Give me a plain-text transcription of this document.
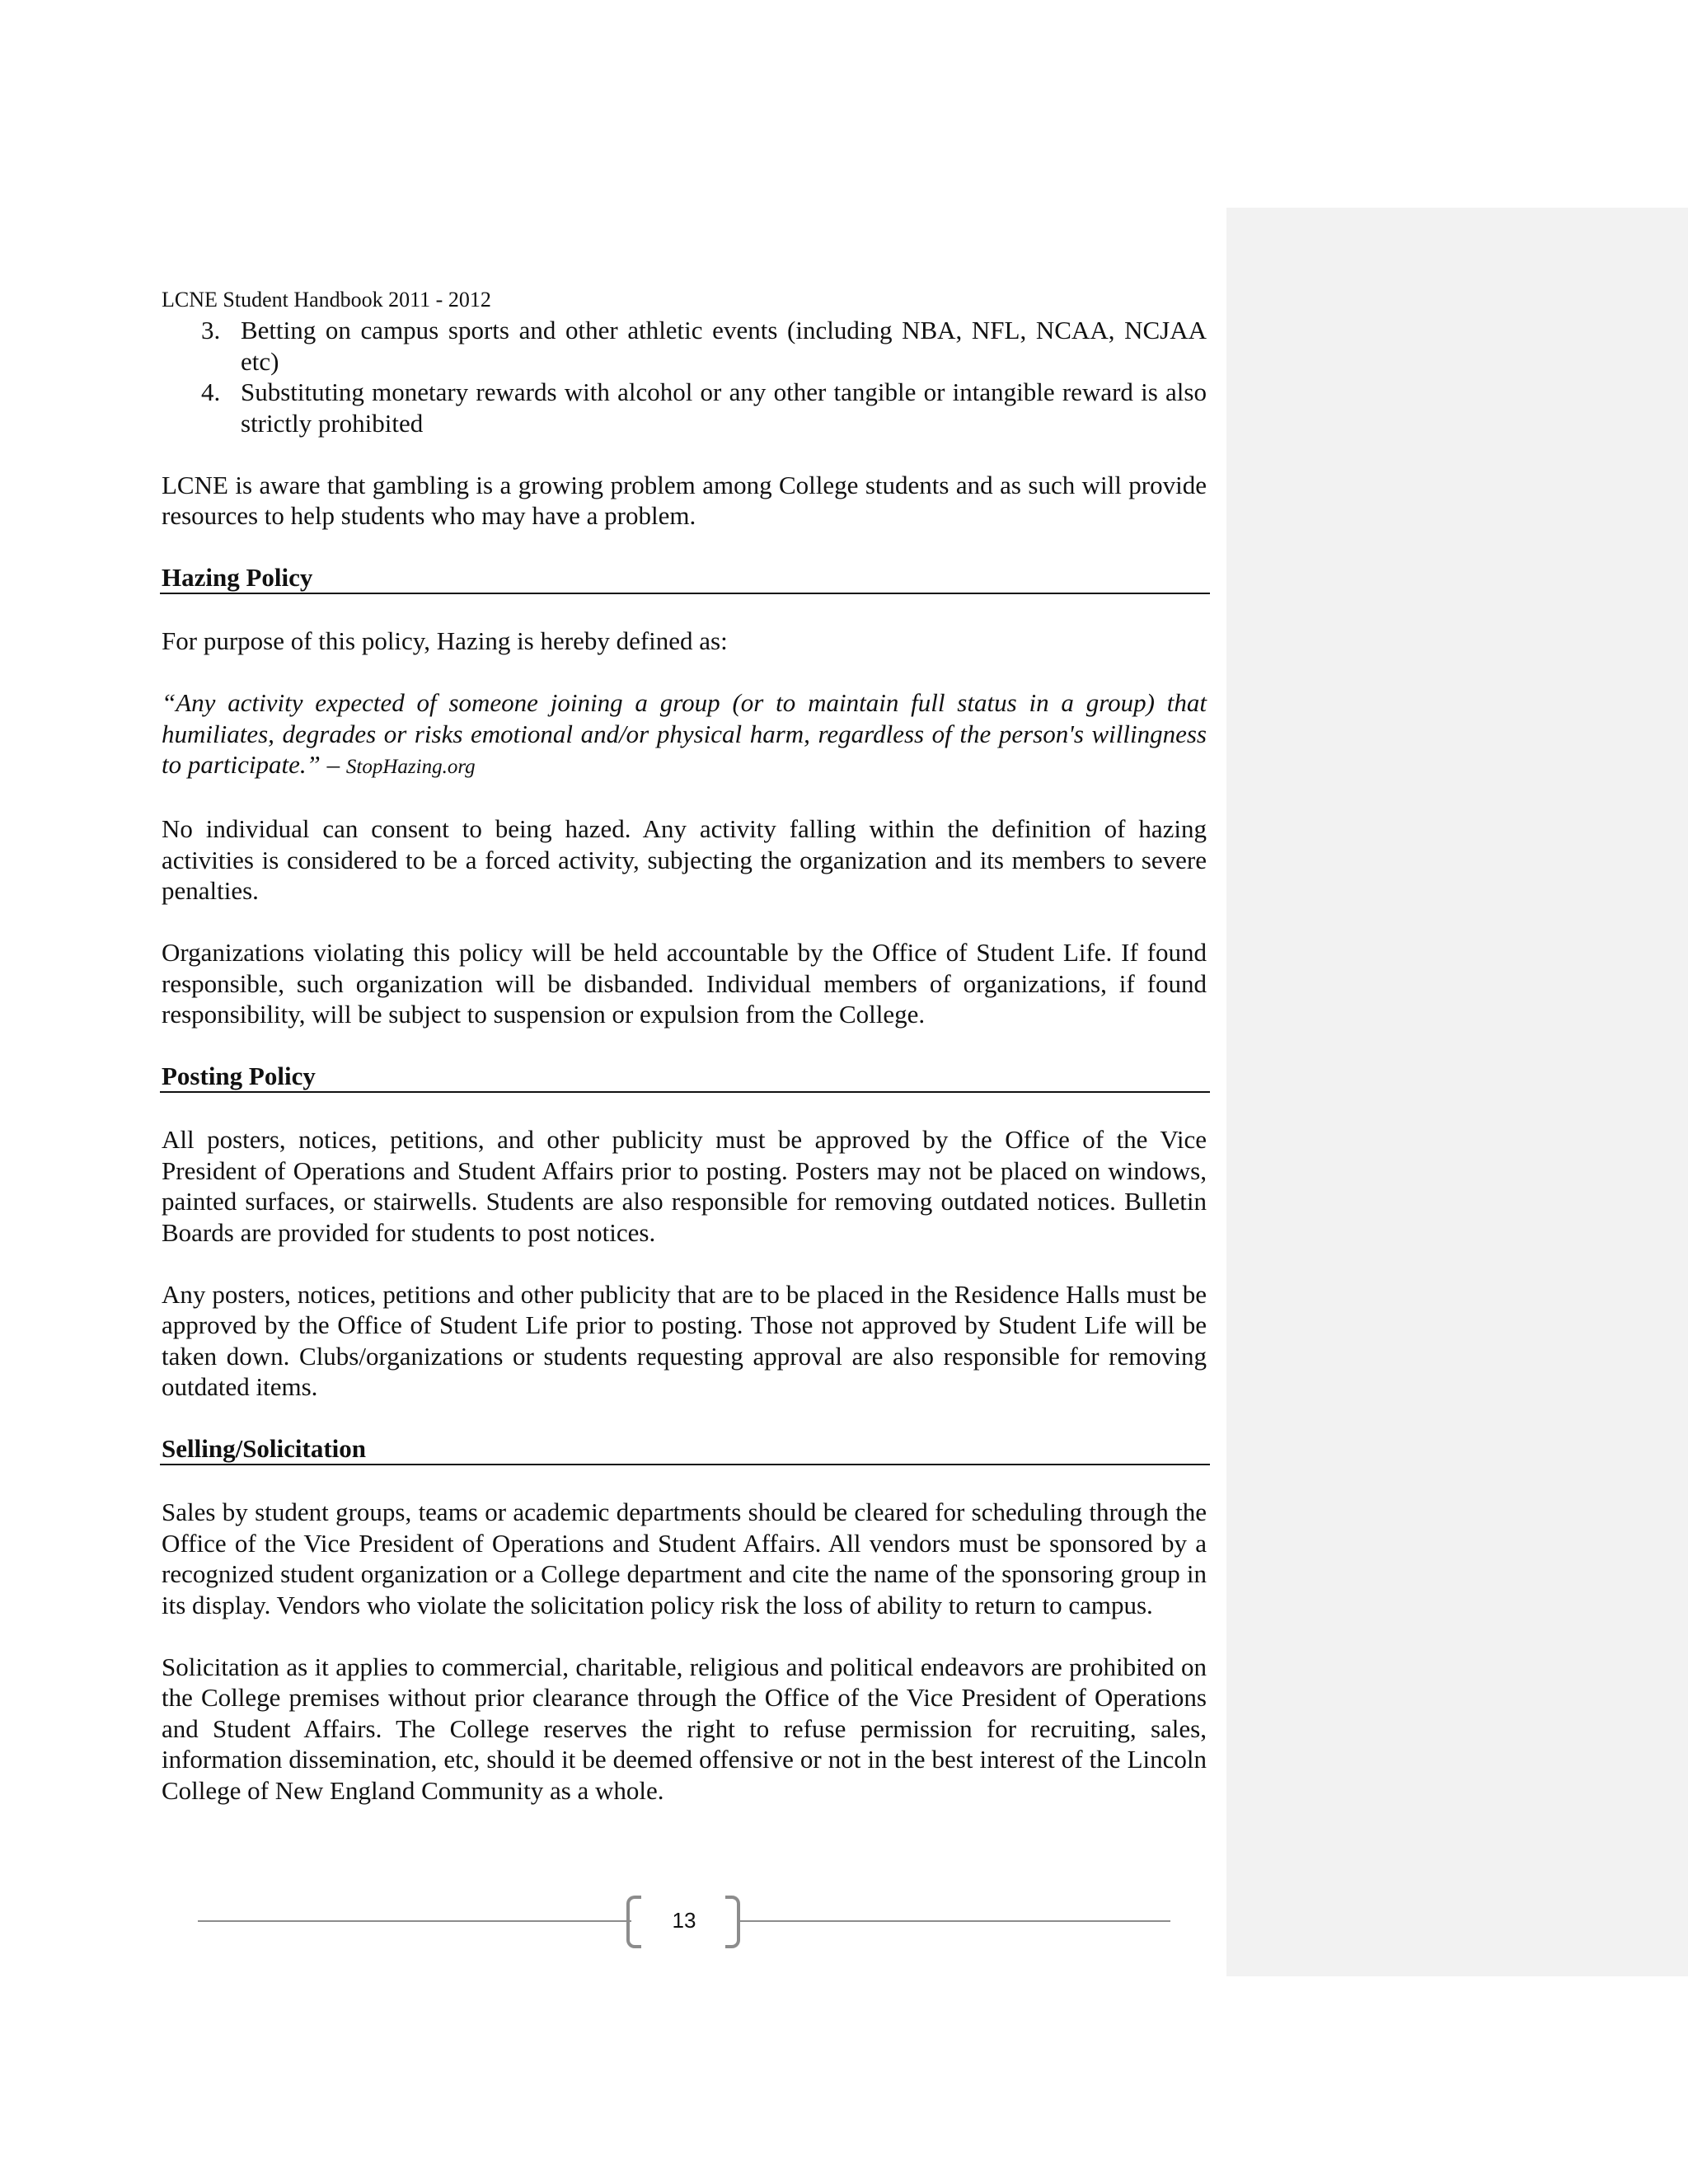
LCNE Student Handbook 2011 - 2012
3. Betting on campus sports and other athletic events (including NBA, NFL, NCAA, NCJAA etc)
4. Substituting monetary rewards with alcohol or any other tangible or intangible reward is also strictly prohibited

LCNE is aware that gambling is a growing problem among College students and as such will provide resources to help students who may have a problem.

Hazing Policy

For purpose of this policy, Hazing is hereby defined as:

“Any activity expected of someone joining a group (or to maintain full status in a group) that humiliates, degrades or risks emotional and/or physical harm, regardless of the person's willingness to participate.” – StopHazing.org

No individual can consent to being hazed. Any activity falling within the definition of hazing activities is considered to be a forced activity, subjecting the organization and its members to severe penalties.

Organizations violating this policy will be held accountable by the Office of Student Life. If found responsible, such organization will be disbanded. Individual members of organizations, if found responsibility, will be subject to suspension or expulsion from the College.

Posting Policy

All posters, notices, petitions, and other publicity must be approved by the Office of the Vice President of Operations and Student Affairs prior to posting. Posters may not be placed on windows, painted surfaces, or stairwells. Students are also responsible for removing outdated notices. Bulletin Boards are provided for students to post notices.

Any posters, notices, petitions and other publicity that are to be placed in the Residence Halls must be approved by the Office of Student Life prior to posting. Those not approved by Student Life will be taken down. Clubs/organizations or students requesting approval are also responsible for removing outdated items.

Selling/Solicitation

Sales by student groups, teams or academic departments should be cleared for scheduling through the Office of the Vice President of Operations and Student Affairs. All vendors must be sponsored by a recognized student organization or a College department and cite the name of the sponsoring group in its display. Vendors who violate the solicitation policy risk the loss of ability to return to campus.

Solicitation as it applies to commercial, charitable, religious and political endeavors are prohibited on the College premises without prior clearance through the Office of the Vice President of Operations and Student Affairs. The College reserves the right to refuse permission for recruiting, sales, information dissemination, etc, should it be deemed offensive or not in the best interest of the Lincoln College of New England Community as a whole.

13
